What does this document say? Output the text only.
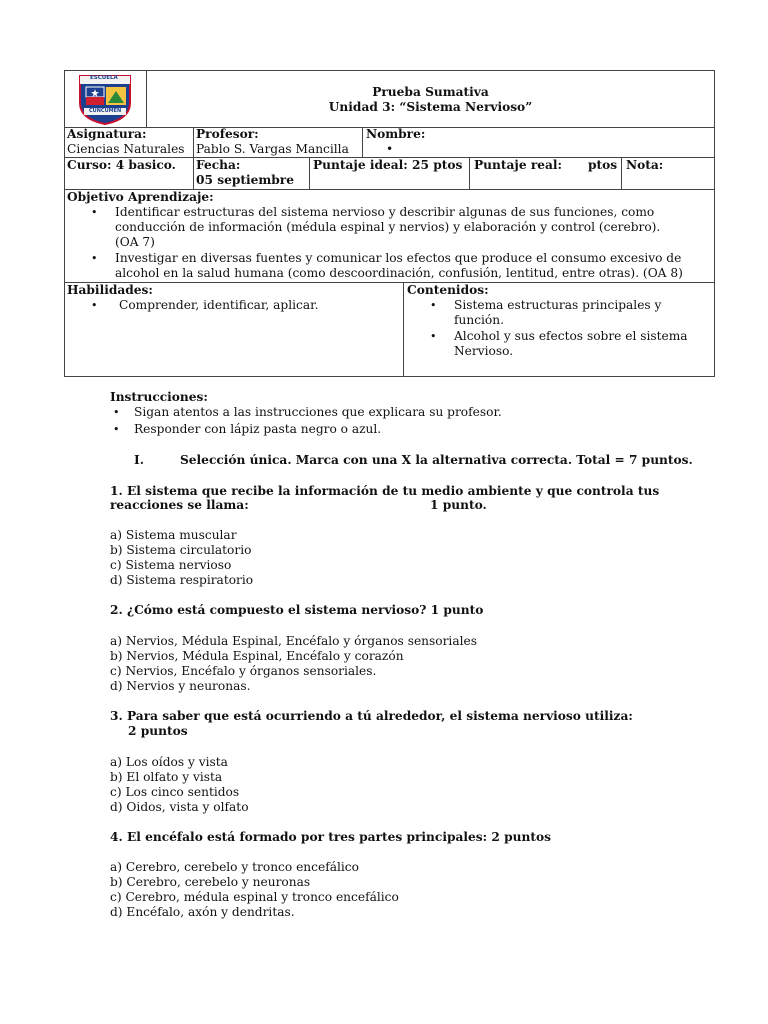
ESCUELA
CUNCUMEN
Prueba Sumativa
Unidad 3: “Sistema Nervioso”
Asignatura:
Ciencias Naturales
Profesor:
Pablo S. Vargas Mancilla
Nombre:
•
Curso: 4 basico. Fecha:
05 septiembre
Puntaje ideal: 25 ptos Puntaje real: ptos Nota:
Objetivo Aprendizaje:
• Identificar estructuras del sistema nervioso y describir algunas de sus funciones, como conducción de información (médula espinal y nervios) y elaboración y control (cerebro). (OA 7)
• Investigar en diversas fuentes y comunicar los efectos que produce el consumo excesivo de alcohol en la salud humana (como descoordinación, confusión, lentitud, entre otras). (OA 8)
Habilidades:
• Comprender, identificar, aplicar.
Contenidos:
• Sistema estructuras principales y función.
• Alcohol y sus efectos sobre el sistema Nervioso.
Instrucciones:
• Sigan atentos a las instrucciones que explicara su profesor.
• Responder con lápiz pasta negro o azul.
I.	Selección única. Marca con una X la alternativa correcta. Total = 7 puntos.
1. El sistema que recibe la información de tu medio ambiente y que controla tus
reacciones se llama:	1 punto.
a) Sistema muscular
b) Sistema circulatorio
c) Sistema nervioso
d) Sistema respiratorio
2. ¿Cómo está compuesto el sistema nervioso? 1 punto
a) Nervios, Médula Espinal, Encéfalo y órganos sensoriales
b) Nervios, Médula Espinal, Encéfalo y corazón
c) Nervios, Encéfalo y órganos sensoriales.
d) Nervios y neuronas.
3. Para saber que está ocurriendo a tú alrededor, el sistema nervioso utiliza:
2 puntos
a) Los oídos y vista
b) El olfato y vista
c) Los cinco sentidos
d) Oidos, vista y olfato
4. El encéfalo está formado por tres partes principales: 2 puntos
a) Cerebro, cerebelo y tronco encefálico
b) Cerebro, cerebelo y neuronas
c) Cerebro, médula espinal y tronco encefálico
d) Encéfalo, axón y dendritas.
